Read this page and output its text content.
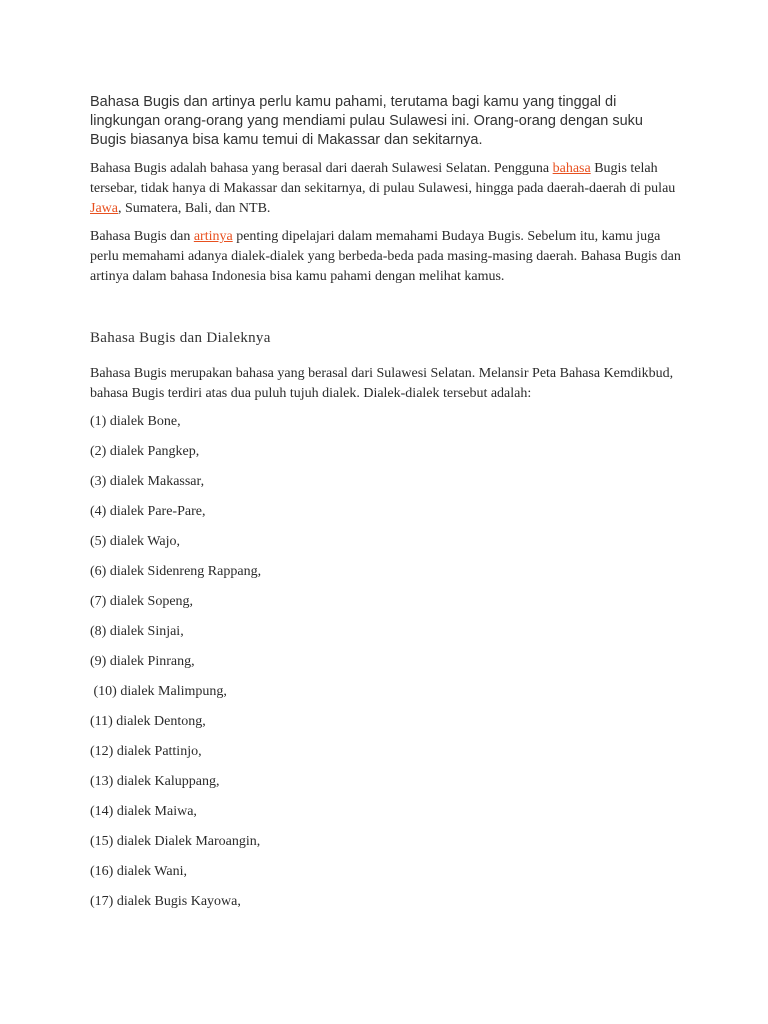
Bahasa Bugis dan artinya perlu kamu pahami, terutama bagi kamu yang tinggal di lingkungan orang-orang yang mendiami pulau Sulawesi ini. Orang-orang dengan suku Bugis biasanya bisa kamu temui di Makassar dan sekitarnya.

Bahasa Bugis adalah bahasa yang berasal dari daerah Sulawesi Selatan. Pengguna bahasa Bugis telah tersebar, tidak hanya di Makassar dan sekitarnya, di pulau Sulawesi, hingga pada daerah-daerah di pulau Jawa, Sumatera, Bali, dan NTB.

Bahasa Bugis dan artinya penting dipelajari dalam memahami Budaya Bugis. Sebelum itu, kamu juga perlu memahami adanya dialek-dialek yang berbeda-beda pada masing-masing daerah. Bahasa Bugis dan artinya dalam bahasa Indonesia bisa kamu pahami dengan melihat kamus.

Bahasa Bugis dan Dialeknya

Bahasa Bugis merupakan bahasa yang berasal dari Sulawesi Selatan. Melansir Peta Bahasa Kemdikbud, bahasa Bugis terdiri atas dua puluh tujuh dialek. Dialek-dialek tersebut adalah:

(1) dialek Bone,
(2) dialek Pangkep,
(3) dialek Makassar,
(4) dialek Pare-Pare,
(5) dialek Wajo,
(6) dialek Sidenreng Rappang,
(7) dialek Sopeng,
(8) dialek Sinjai,
(9) dialek Pinrang,
(10) dialek Malimpung,
(11) dialek Dentong,
(12) dialek Pattinjo,
(13) dialek Kaluppang,
(14) dialek Maiwa,
(15) dialek Dialek Maroangin,
(16) dialek Wani,
(17) dialek Bugis Kayowa,
